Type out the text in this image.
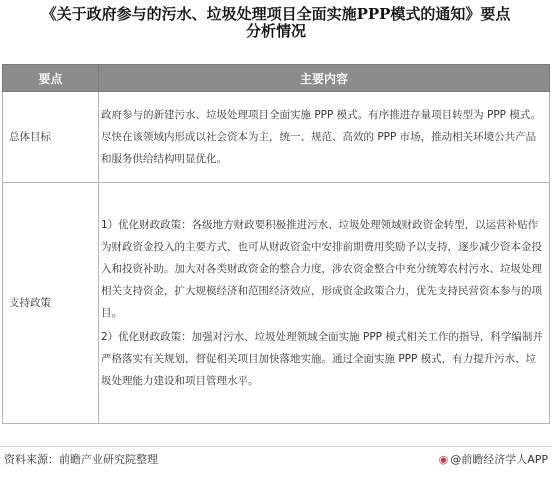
《关于政府参与的污水、垃圾处理项目全面实施PPP模式的通知》要点
分析情况
要点	主要内容
总体目标	政府参与的新建污水、垃圾处理项目全面实施 PPP 模式。有序推进存量项目转型为 PPP 模式。尽快在该领域内形成以社会资本为主，统一、规范、高效的 PPP 市场，推动相关环境公共产品和服务供给结构明显优化。

支持政策	1）优化财政政策：各级地方财政要积极推进污水、垃圾处理领域财政资金转型，以运营补贴作为财政资金投入的主要方式，也可从财政资金中安排前期费用奖励予以支持，逐步减少资本金投入和投资补助。加大对各类财政资金的整合力度，涉农资金整合中充分统筹农村污水、垃圾处理相关支持资金，扩大规模经济和范围经济效应，形成资金政策合力，优先支持民营资本参与的项目。

2）优化财政政策：加强对污水、垃圾处理领域全面实施 PPP 模式相关工作的指导，科学编制并严格落实有关规划，督促相关项目加快落地实施。通过全面实施 PPP 模式，有力提升污水、垃圾处理能力建设和项目管理水平。

资料来源：前瞻产业研究院整理	◉ @前瞻经济学人APP
